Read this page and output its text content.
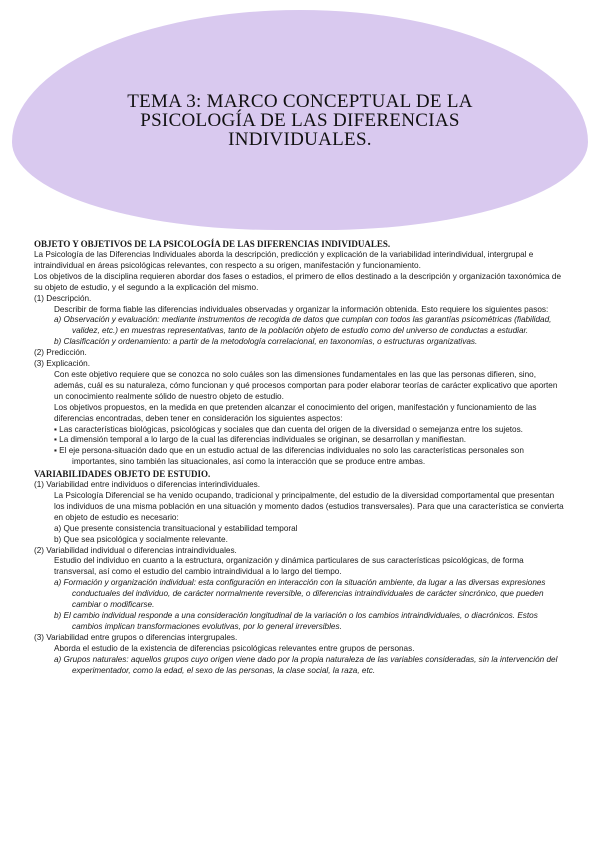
TEMA 3: MARCO CONCEPTUAL DE LA
PSICOLOGÍA DE LAS DIFERENCIAS
INDIVIDUALES.
OBJETO Y OBJETIVOS DE LA PSICOLOGÍA DE LAS DIFERENCIAS INDIVIDUALES.
La Psicología de las Diferencias Individuales aborda la descripción, predicción y explicación de la variabilidad interindividual, intergrupal e intraindividual en áreas psicológicas relevantes, con respecto a su origen, manifestación y funcionamiento.
Los objetivos de la disciplina requieren abordar dos fases o estadios, el primero de ellos destinado a la descripción y organización taxonómica de su objeto de estudio, y el segundo a la explicación del mismo.
(1) Descripción.
Describir de forma fiable las diferencias individuales observadas y organizar la información obtenida. Esto requiere los siguientes pasos:
a) Observación y evaluación: mediante instrumentos de recogida de datos que cumplan con todos las garantías psicométricas (fiabilidad, validez, etc.) en muestras representativas, tanto de la población objeto de estudio como del universo de conductas a estudiar.
b) Clasificación y ordenamiento: a partir de la metodología correlacional, en taxonomías, o estructuras organizativas.
(2) Predicción.
(3) Explicación.
Con este objetivo requiere que se conozca no solo cuáles son las dimensiones fundamentales en las que las personas difieren, sino, además, cuál es su naturaleza, cómo funcionan y qué procesos comportan para poder elaborar teorías de carácter explicativo que aporten un conocimiento realmente sólido de nuestro objeto de estudio.
Los objetivos propuestos, en la medida en que pretenden alcanzar el conocimiento del origen, manifestación y funcionamiento de las diferencias encontradas, deben tener en consideración los siguientes aspectos:
▪ Las características biológicas, psicológicas y sociales que dan cuenta del origen de la diversidad o semejanza entre los sujetos.
▪ La dimensión temporal a lo largo de la cual las diferencias individuales se originan, se desarrollan y manifiestan.
▪ El eje persona-situación dado que en un estudio actual de las diferencias individuales no solo las características personales son importantes, sino también las situacionales, así como la interacción que se produce entre ambas.
VARIABILIDADES OBJETO DE ESTUDIO.
(1) Variabilidad entre individuos o diferencias interindividuales.
La Psicología Diferencial se ha venido ocupando, tradicional y principalmente, del estudio de la diversidad comportamental que presentan los individuos de una misma población en una situación y momento dados (estudios transversales). Para que una característica se convierta en objeto de estudio es necesario:
a) Que presente consistencia transituacional y estabilidad temporal
b) Que sea psicológica y socialmente relevante.
(2) Variabilidad individual o diferencias intraindividuales.
Estudio del individuo en cuanto a la estructura, organización y dinámica particulares de sus características psicológicas, de forma transversal, así como el estudio del cambio intraindividual a lo largo del tiempo.
a) Formación y organización individual: esta configuración en interacción con la situación ambiente, da lugar a las diversas expresiones conductuales del individuo, de carácter normalmente reversible, o diferencias intraindividuales de carácter sincrónico, que pueden cambiar o modificarse.
b) El cambio individual responde a una consideración longitudinal de la variación o los cambios intraindividuales, o diacrónicos. Estos cambios implican transformaciones evolutivas, por lo general irreversibles.
(3) Variabilidad entre grupos o diferencias intergrupales.
Aborda el estudio de la existencia de diferencias psicológicas relevantes entre grupos de personas.
a) Grupos naturales: aquellos grupos cuyo origen viene dado por la propia naturaleza de las variables consideradas, sin la intervención del experimentador, como la edad, el sexo de las personas, la clase social, la raza, etc.
